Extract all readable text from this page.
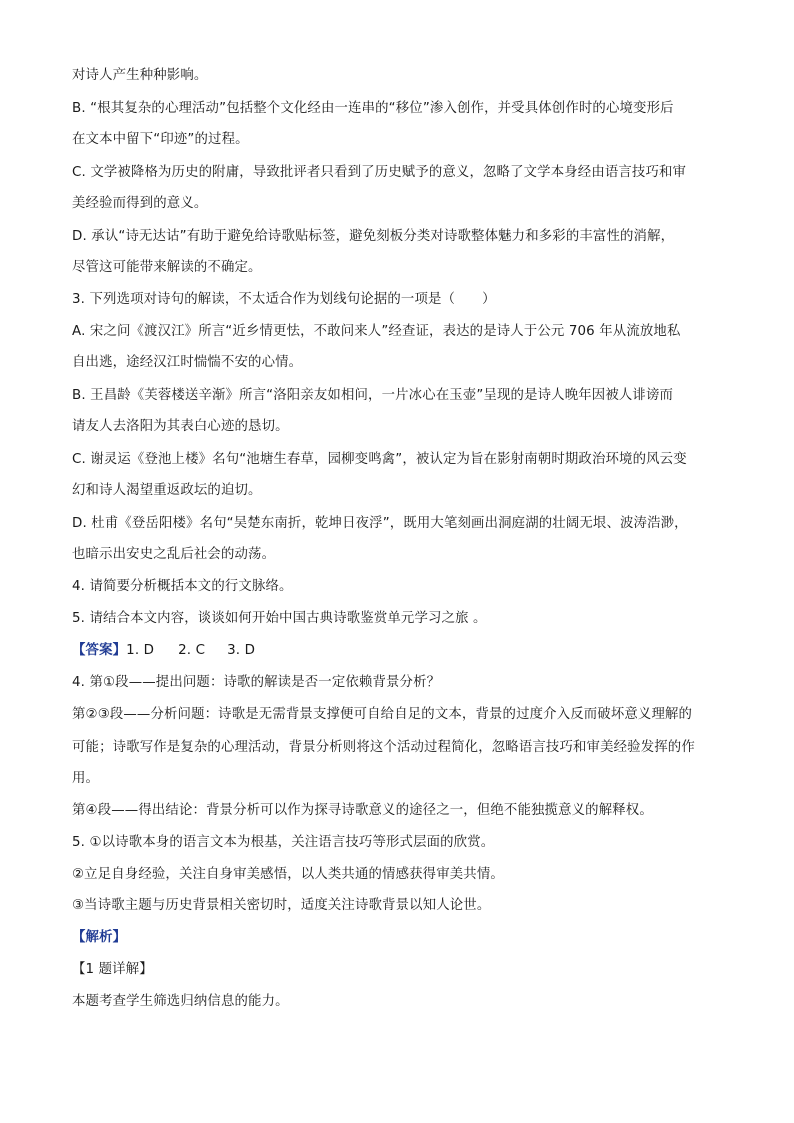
对诗人产生种种影响。
B. “根其复杂的心理活动”包括整个文化经由一连串的“移位”渗入创作，并受具体创作时的心境变形后
在文本中留下“印迹”的过程。
C. 文学被降格为历史的附庸，导致批评者只看到了历史赋予的意义，忽略了文学本身经由语言技巧和审
美经验而得到的意义。
D. 承认“诗无达诂”有助于避免给诗歌贴标签，避免刻板分类对诗歌整体魅力和多彩的丰富性的消解，
尽管这可能带来解读的不确定。
3. 下列选项对诗句的解读，不太适合作为划线句论据的一项是（　　）
A. 宋之问《渡汉江》所言“近乡情更怯，不敢问来人”经查证，表达的是诗人于公元 706 年从流放地私
自出逃，途经汉江时惴惴不安的心情。
B. 王昌龄《芙蓉楼送辛渐》所言“洛阳亲友如相问，一片冰心在玉壶”呈现的是诗人晚年因被人诽谤而
请友人去洛阳为其表白心迹的恳切。
C. 谢灵运《登池上楼》名句“池塘生春草，园柳变鸣禽”，被认定为旨在影射南朝时期政治环境的风云变
幻和诗人渴望重返政坛的迫切。
D. 杜甫《登岳阳楼》名句“吴楚东南折，乾坤日夜浮”，既用大笔刻画出洞庭湖的壮阔无垠、波涛浩渺，
也暗示出安史之乱后社会的动荡。
4. 请简要分析概括本文的行文脉络。
5. 请结合本文内容，谈谈如何开始中国古典诗歌鉴赏单元学习之旅 。
【答案】1. D 2. C 3. D
4. 第①段——提出问题：诗歌的解读是否一定依赖背景分析？
第②③段——分析问题：诗歌是无需背景支撑便可自给自足的文本，背景的过度介入反而破坏意义理解的
可能；诗歌写作是复杂的心理活动，背景分析则将这个活动过程简化，忽略语言技巧和审美经验发挥的作
用。
第④段——得出结论：背景分析可以作为探寻诗歌意义的途径之一，但绝不能独揽意义的解释权。
5. ①以诗歌本身的语言文本为根基，关注语言技巧等形式层面的欣赏。
②立足自身经验，关注自身审美感悟，以人类共通的情感获得审美共情。
③当诗歌主题与历史背景相关密切时，适度关注诗歌背景以知人论世。
【解析】
【1 题详解】
本题考查学生筛选归纳信息的能力。
